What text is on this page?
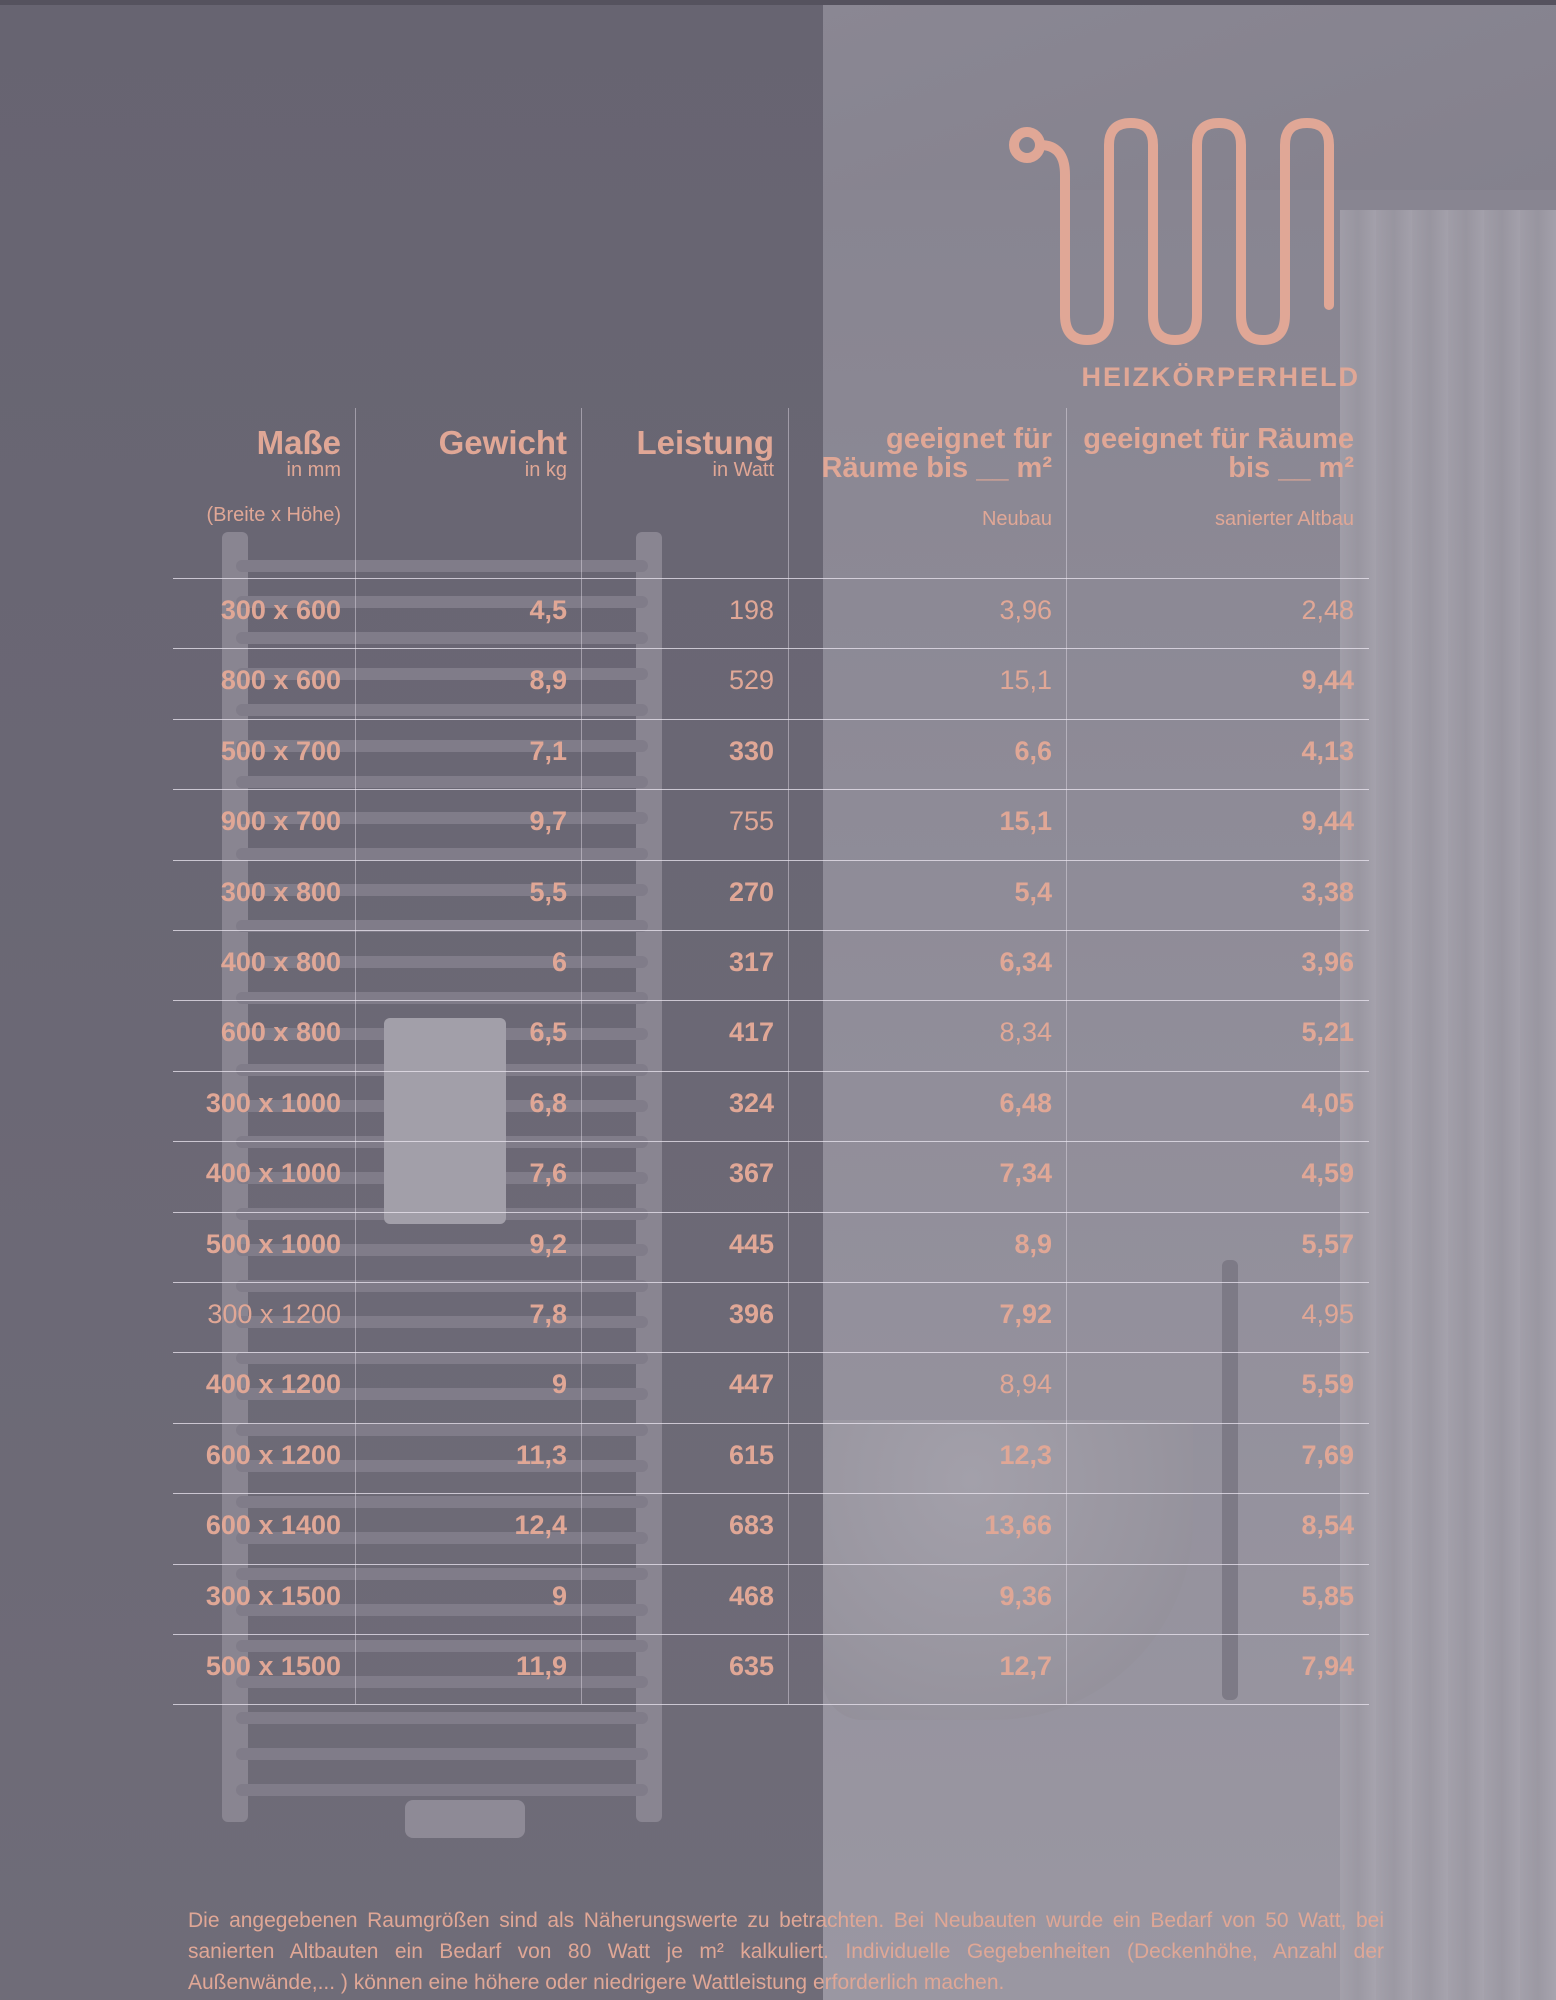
HEIZKÖRPERHELD
Maße
in mm
(Breite x Höhe)
Gewicht
in kg
Leistung
in Watt
geeignet für
Räume bis __ m²
Neubau
geeignet für Räume
bis __ m²
sanierter Altbau
300 x 600	4,5	198	3,96	2,48
800 x 600	8,9	529	15,1	9,44
500 x 700	7,1	330	6,6	4,13
900 x 700	9,7	755	15,1	9,44
300 x 800	5,5	270	5,4	3,38
400 x 800	6	317	6,34	3,96
600 x 800	6,5	417	8,34	5,21
300 x 1000	6,8	324	6,48	4,05
400 x 1000	7,6	367	7,34	4,59
500 x 1000	9,2	445	8,9	5,57
300 x 1200	7,8	396	7,92	4,95
400 x 1200	9	447	8,94	5,59
600 x 1200	11,3	615	12,3	7,69
600 x 1400	12,4	683	13,66	8,54
300 x 1500	9	468	9,36	5,85
500 x 1500	11,9	635	12,7	7,94
Die angegebenen Raumgrößen sind als Näherungswerte zu betrachten. Bei Neubauten wurde ein Bedarf von 50 Watt, bei sanierten Altbauten ein Bedarf von 80 Watt je m² kalkuliert. Individuelle Gegebenheiten (Deckenhöhe, Anzahl der Außenwände,... ) können eine höhere oder niedrigere Wattleistung erforderlich machen.
